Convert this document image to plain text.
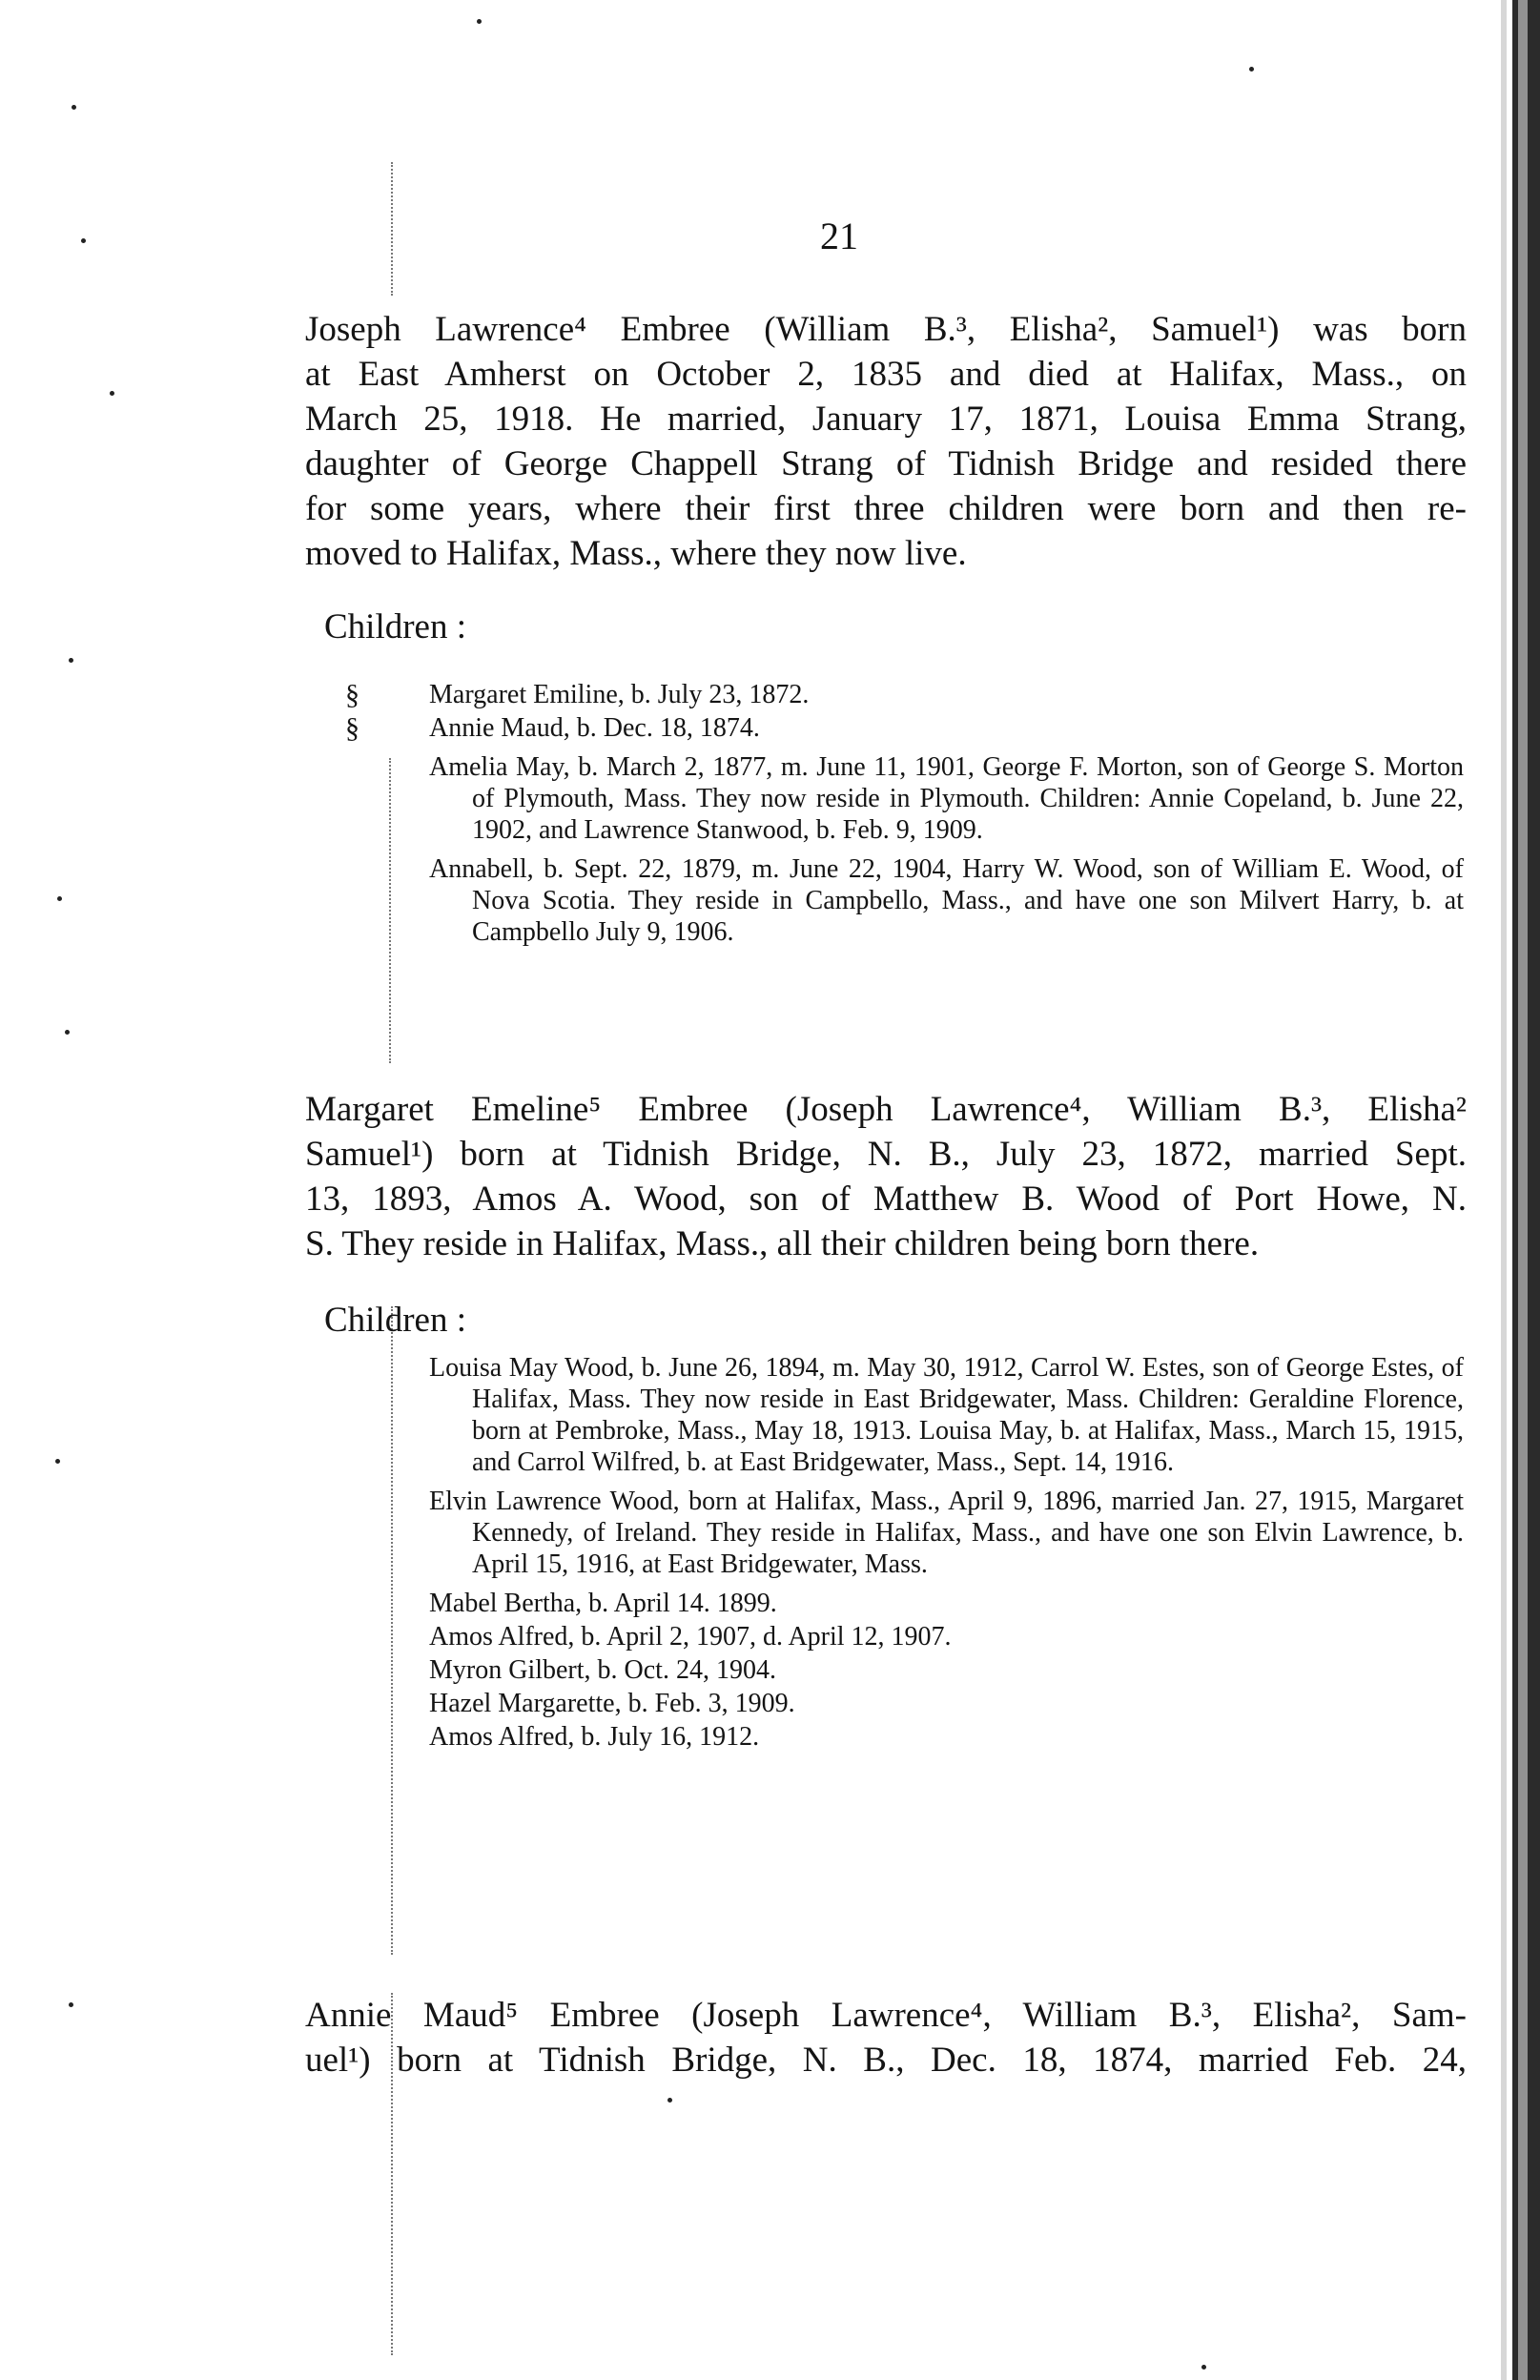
21
Joseph Lawrence⁴ Embree (William B.³, Elisha², Samuel¹) was born
at East Amherst on October 2, 1835 and died at Halifax, Mass., on
March 25, 1918. He married, January 17, 1871, Louisa Emma Strang,
daughter of George Chappell Strang of Tidnish Bridge and resided there
for some years, where their first three children were born and then re-
moved to Halifax, Mass., where they now live.
Children :
§
§
Margaret Emiline, b. July 23, 1872.
Annie Maud, b. Dec. 18, 1874.
Amelia May, b. March 2, 1877, m. June 11, 1901, George F. Morton, son of George S. Morton of Plymouth, Mass. They now reside in Plymouth. Children: Annie Copeland, b. June 22, 1902, and Lawrence Stanwood, b. Feb. 9, 1909.
Annabell, b. Sept. 22, 1879, m. June 22, 1904, Harry W. Wood, son of William E. Wood, of Nova Scotia. They reside in Campbello, Mass., and have one son Milvert Harry, b. at Campbello July 9, 1906.
Margaret Emeline⁵ Embree (Joseph Lawrence⁴, William B.³, Elisha²
Samuel¹) born at Tidnish Bridge, N. B., July 23, 1872, married Sept.
13, 1893, Amos A. Wood, son of Matthew B. Wood of Port Howe, N.
S. They reside in Halifax, Mass., all their children being born there.
Children :
Louisa May Wood, b. June 26, 1894, m. May 30, 1912, Carrol W. Estes, son of George Estes, of Halifax, Mass. They now reside in East Bridgewater, Mass. Children: Geraldine Florence, born at Pembroke, Mass., May 18, 1913. Louisa May, b. at Halifax, Mass., March 15, 1915, and Carrol Wilfred, b. at East Bridgewater, Mass., Sept. 14, 1916.
Elvin Lawrence Wood, born at Halifax, Mass., April 9, 1896, married Jan. 27, 1915, Margaret Kennedy, of Ireland. They reside in Halifax, Mass., and have one son Elvin Lawrence, b. April 15, 1916, at East Bridgewater, Mass.
Mabel Bertha, b. April 14. 1899.
Amos Alfred, b. April 2, 1907, d. April 12, 1907.
Myron Gilbert, b. Oct. 24, 1904.
Hazel Margarette, b. Feb. 3, 1909.
Amos Alfred, b. July 16, 1912.
Annie Maud⁵ Embree (Joseph Lawrence⁴, William B.³, Elisha², Sam-
uel¹) born at Tidnish Bridge, N. B., Dec. 18, 1874, married Feb. 24,
